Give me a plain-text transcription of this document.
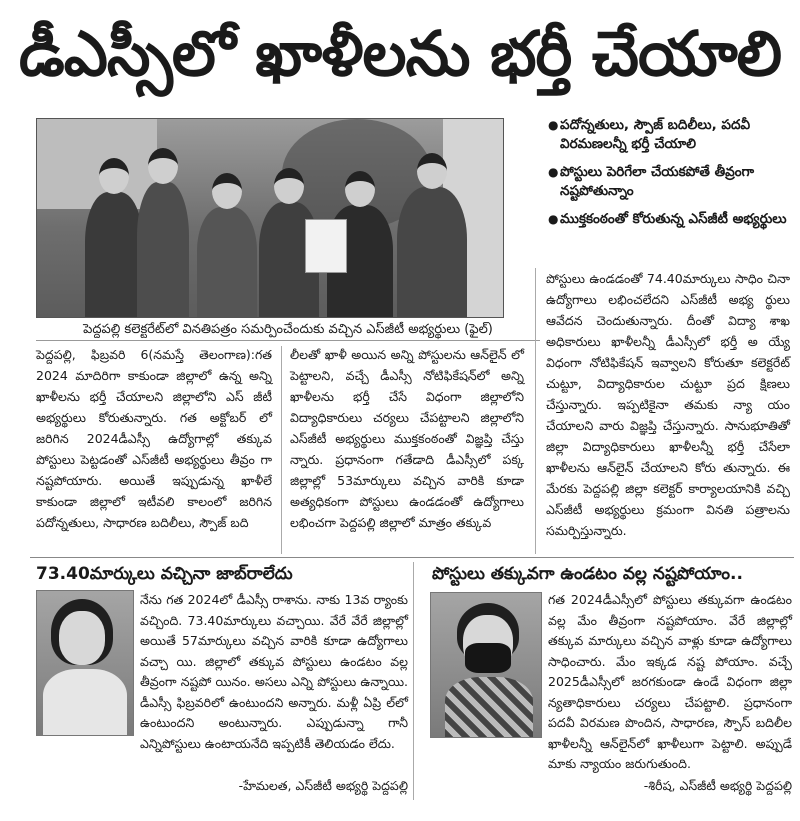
డీఎస్సీలో ఖాళీలను భర్తీ చేయాలి
పెద్దపల్లి కలెక్టరేట్‌లో వినతిపత్రం సమర్పించేందుకు వచ్చిన ఎస్‌జీటీ అభ్యర్థులు (ఫైల్)
● పదోన్నతులు, స్పౌజ్ బదిలీలు, పదవీ విరమణలన్నీ భర్తీ చేయాలి
● పోస్టులు పెరిగేలా చేయకపోతే తీవ్రంగా నష్టపోతున్నాం
● ముక్తకంఠంతో కోరుతున్న ఎస్‌జీటీ అభ్యర్థులు

పోస్టులు ఉండడంతో 74.40మార్కులు సాధిం చినా ఉద్యోగాలు లభించలేదని ఎస్‌జీటీ అభ్య ర్థులు ఆవేదన చెందుతున్నారు. దీంతో విద్యా శాఖ అధికారులు ఖాళీలన్నీ డీఎస్సీలో భర్తీ అ య్యే విధంగా నోటిఫికేషన్ ఇవ్వాలని కోరుతూ కలెక్టరేట్ చుట్టూ, విద్యాధికారుల చుట్టూ ప్రద క్షిణలు చేస్తున్నారు. ఇప్పటికైనా తమకు న్యా యం చేయాలని వారు విజ్ఞప్తి చేస్తున్నారు. సానుభూతితో జిల్లా విద్యాధికారులు ఖాళీలన్నీ భర్తీ చేసేలా ఖాళీలను ఆన్‌లైన్ చేయాలని కోరు తున్నారు. ఈ మేరకు పెద్దపల్లి జిల్లా కలెక్టర్ కార్యాలయానికి వచ్చి ఎస్‌జీటీ అభ్యర్థులు క్రమంగా వినతి పత్రాలను సమర్పిస్తున్నారు.

పెద్దపల్లి, ఫిబ్రవరి 6(నమస్తే తెలంగాణ):గత 2024 మాదిరిగా కాకుండా జిల్లాలో ఉన్న అన్ని ఖాళీలను భర్తీ చేయాలని జిల్లాలోని ఎస్ జీటీ అభ్యర్థులు కోరుతున్నారు. గత అక్టోబర్ లో జరిగిన 2024డీఎస్సీ ఉద్యోగాల్లో తక్కువ పోస్టులు పెట్టడంతో ఎస్‌జీటీ అభ్యర్థులు తీవ్రం గా నష్టపోయారు. అయితే ఇప్పుడున్న ఖాళీలే కాకుండా జిల్లాలో ఇటీవలి కాలంలో జరిగిన పదోన్నతులు, సాధారణ బదిలీలు, స్పౌజ్ బది

లీలతో ఖాళీ అయిన అన్ని పోస్టులను ఆన్‌లైన్ లో పెట్టాలని, వచ్చే డీఎస్సీ నోటిఫికేషన్‌లో అన్ని ఖాళీలను భర్తీ చేసే విధంగా జిల్లాలోని విద్యాధికారులు చర్యలు చేపట్టాలని జిల్లాలోని ఎస్‌జీటీ అభ్యర్థులు ముక్తకంఠంతో విజ్ఞప్తి చేస్తు న్నారు. ప్రధానంగా గతేడాది డీఎస్సీలో పక్క జిల్లాల్లో 53మార్కులు వచ్చిన వారికి కూడా అత్యధికంగా పోస్టులు ఉండడంతో ఉద్యోగాలు లభించగా పెద్దపల్లి జిల్లాలో మాత్రం తక్కువ

73.40మార్కులు వచ్చినా జాబ్‌రాలేదు

నేను గత 2024లో డీఎస్సీ రాశాను. నాకు 13వ ర్యాంకు వచ్చింది. 73.40మార్కులు వచ్చాయి. వేరే వేరే జిల్లాల్లో అయితే 57మార్కులు వచ్చిన వారికి కూడా ఉద్యోగాలు వచ్చా యి. జిల్లాలో తక్కువ పోస్టులు ఉండటం వల్ల తీవ్రంగా నష్టపో యినం. అసలు ఎన్ని పోస్టులు ఉన్నాయి. డీఎస్సీ ఫిబ్రవరిలో ఉంటుందని అన్నారు. మళ్లీ ఏప్రి ల్‌లో ఉంటుందని అంటున్నారు. ఎప్పుడున్నా గానీ ఎన్నిపోస్టులు ఉంటాయనేది ఇప్పటికీ తెలియడం లేదు.

-హేమలత, ఎస్‌జీటీ అభ్యర్థి పెద్దపల్లి
పోస్టులు తక్కువగా ఉండటం వల్ల నష్టపోయాం..

గత 2024డీఎస్సీలో పోస్టులు తక్కువగా ఉండటం వల్ల మేం తీవ్రంగా నష్టపోయాం. వేరే జిల్లాల్లో తక్కువ మార్కులు వచ్చిన వాళ్లు కూడా ఉద్యోగాలు సాధించారు. మేం ఇక్కడ నష్ట పోయాం. వచ్చే 2025డీఎస్సీలో జరగకుండా ఉండే విధంగా జిల్లా న్యతాధికారులు చర్యలు చేపట్టాలి. ప్రధానంగా పదవీ విరమణ పొందిన, సాధారణ, స్పౌస్ బదిలీల ఖాళీలన్నీ ఆన్‌లైన్‌లో ఖాళీలుగా పెట్టాలి. అప్పుడే మాకు న్యాయం జరుగుతుంది.

-శిరీష, ఎస్‌జీటీ అభ్యర్థి పెద్దపల్లి
